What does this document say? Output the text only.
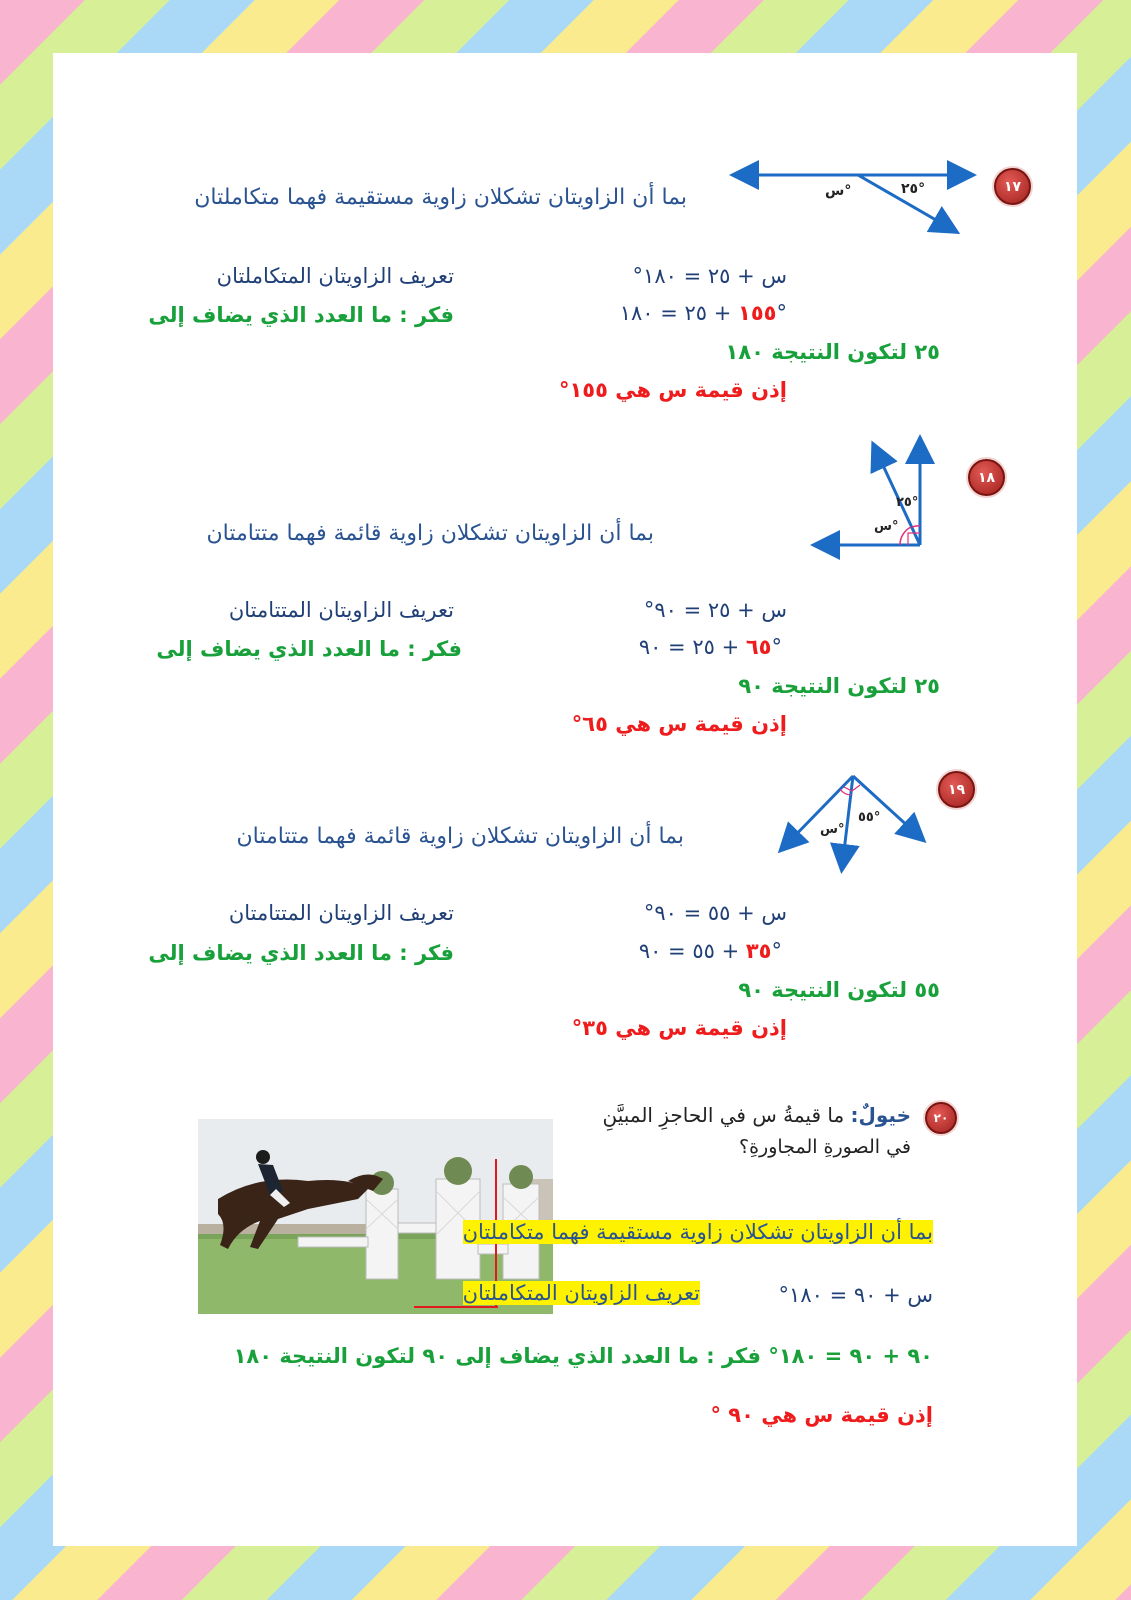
١٧
س°	٢٥°
بما أن الزاويتان تشكلان زاوية مستقيمة فهما متكاملتان
س + ٢٥ = ١٨٠°
تعريف الزاويتان المتكاملتان
١٥٥ + ٢٥ = ١٨٠°
فكر : ما العدد الذي يضاف إلى
٢٥ لتكون النتيجة ١٨٠
إذن قيمة س هي ١٥٥°
١٨
س°
٢٥°
بما أن الزاويتان تشكلان زاوية قائمة فهما متتامتان
س + ٢٥ = ٩٠°
تعريف الزاويتان المتتامتان
٦٥ + ٢٥ = ٩٠°
فكر : ما العدد الذي يضاف إلى
٢٥ لتكون النتيجة ٩٠
إذن قيمة س هي ٦٥°
١٩
س°
٥٥°
بما أن الزاويتان تشكلان زاوية قائمة فهما متتامتان
س + ٥٥ = ٩٠°
تعريف الزاويتان المتتامتان
٣٥ + ٥٥ = ٩٠°
فكر : ما العدد الذي يضاف إلى
٥٥ لتكون النتيجة ٩٠
إذن قيمة س هي ٣٥°
٢٠
خيولٌ: ما قيمةُ س في الحاجزِ المبيَّنِ
في الصورةِ المجاورةِ؟
بما أن الزاويتان تشكلان زاوية مستقيمة فهما متكاملتان
س + ٩٠ = ١٨٠°
تعريف الزاويتان المتكاملتان
٩٠ + ٩٠ = ١٨٠° فكر : ما العدد الذي يضاف إلى ٩٠ لتكون النتيجة ١٨٠
إذن قيمة س هي ٩٠ °
